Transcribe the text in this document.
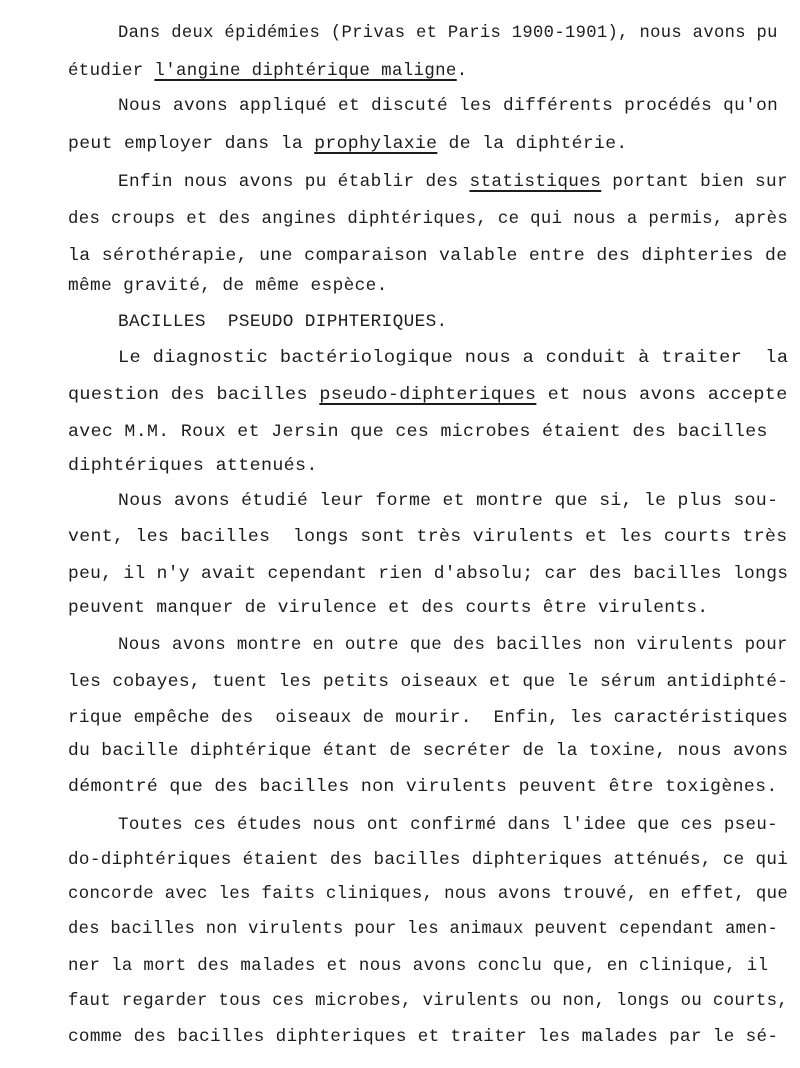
Dans deux épidémies (Privas et Paris 1900-1901), nous avons pu
étudier l'angine diphtérique maligne.
Nous avons appliqué et discuté les différents procédés qu'on
peut employer dans la prophylaxie de la diphtérie.
Enfin nous avons pu établir des statistiques portant bien sur
des croups et des angines diphtériques, ce qui nous a permis, après
la sérothérapie, une comparaison valable entre des diphteries de
même gravité, de même espèce.
BACILLES  PSEUDO DIPHTERIQUES.
Le diagnostic bactériologique nous a conduit à traiter  la
question des bacilles pseudo-diphteriques et nous avons accepte
avec M.M. Roux et Jersin que ces microbes étaient des bacilles
diphtériques attenués.
Nous avons étudié leur forme et montre que si, le plus sou-
vent, les bacilles  longs sont très virulents et les courts très
peu, il n'y avait cependant rien d'absolu; car des bacilles longs
peuvent manquer de virulence et des courts être virulents.
Nous avons montre en outre que des bacilles non virulents pour
les cobayes, tuent les petits oiseaux et que le sérum antidiphté-
rique empêche des  oiseaux de mourir.  Enfin, les caractéristiques
du bacille diphtérique étant de secréter de la toxine, nous avons
démontré que des bacilles non virulents peuvent être toxigènes.
Toutes ces études nous ont confirmé dans l'idee que ces pseu-
do-diphtériques étaient des bacilles diphteriques atténués, ce qui
concorde avec les faits cliniques, nous avons trouvé, en effet, que
des bacilles non virulents pour les animaux peuvent cependant amen-
ner la mort des malades et nous avons conclu que, en clinique, il
faut regarder tous ces microbes, virulents ou non, longs ou courts,
comme des bacilles diphteriques et traiter les malades par le sé-
